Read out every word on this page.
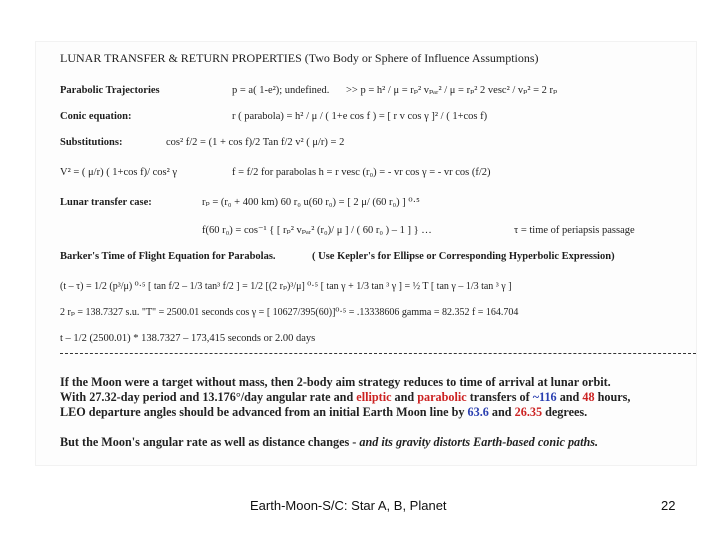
LUNAR TRANSFER & RETURN PROPERTIES (Two Body or Sphere of Influence Assumptions)
Parabolic Trajectories	p = a( 1-e²); undefined. >> p = h² / μ = rₚ² vₚₐᵣ² / μ = rₚ² 2 vesc² / vₚ² = 2 rₚ
Conic equation:	r ( parabola) = h² / μ / ( 1+e cos f ) = [ r v cos γ ]² / ( 1+cos f)
Substitutions:	cos² f/2 = (1 + cos f)/2 Tan f/2 v² ( μ/r) = 2
V² = ( μ/r) ( 1+cos f)/ cos² γ	f = f/2 for parabolas h = r vesc (r₀) = - vr cos γ = - vr cos (f/2)
Lunar transfer case:	rₚ = (r₀ + 400 km) 60 r₀ u(60 r₀) = [ 2 μ/ (60 r₀) ] ⁰·⁵
f(60 r₀) = cos⁻¹ { [ rₚ² vₚₐᵣ² (r₀)/ μ ] / ( 60 r₀ ) – 1 ] } …	τ = time of periapsis passage
Barker's Time of Flight Equation for Parabolas.	( Use Kepler's for Ellipse or Corresponding Hyperbolic Expression)
(t – τ) = 1/2 (p³/μ) ⁰·⁵ [ tan f/2 – 1/3 tan³ f/2 ] = 1/2 [(2 rₚ)³/μ] ⁰·⁵ [ tan γ + 1/3 tan ³ γ ] = ½ T [ tan γ – 1/3 tan ³ γ ]
2 rₚ = 138.7327 s.u. "T" = 2500.01 seconds cos γ = [ 10627/395(60)]⁰·⁵ = .13338606 gamma = 82.352 f = 164.704
t – 1/2 (2500.01) * 138.7327 – 173,415 seconds or 2.00 days
If the Moon were a target without mass, then 2-body aim strategy reduces to time of arrival at lunar orbit.
With 27.32-day period and 13.176°/day angular rate and elliptic and parabolic transfers of ~116 and 48 hours,
LEO departure angles should be advanced from an initial Earth Moon line by 63.6 and 26.35 degrees.
But the Moon's angular rate as well as distance changes - and its gravity distorts Earth-based conic paths.
Earth-Moon-S/C: Star A, B, Planet	22
